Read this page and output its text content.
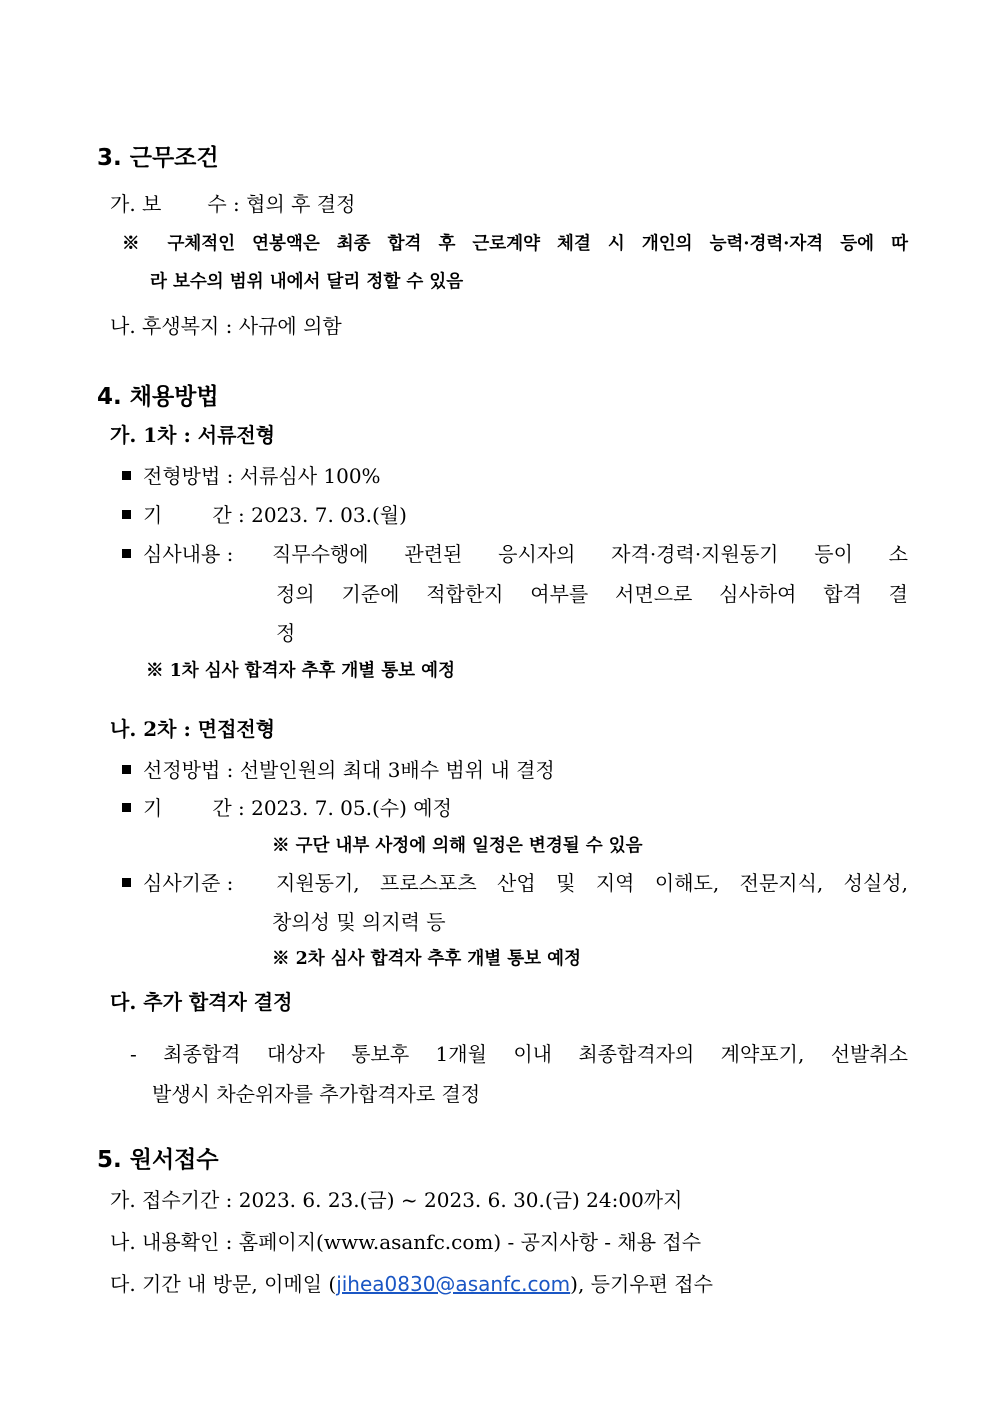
3. 근무조건
가. 보 수 : 협의 후 결정
※ 구체적인 연봉액은 최종 합격 후 근로계약 체결 시 개인의 능력·경력·자격 등에 따
라 보수의 범위 내에서 달리 정할 수 있음
나. 후생복지 : 사규에 의함
4. 채용방법
가. 1차 : 서류전형
전형방법 : 서류심사 100%
기	간 : 2023. 7. 03.(월)
심사내용 : 직무수행에 관련된 응시자의 자격·경력·지원동기 등이 소
정의 기준에 적합한지 여부를 서면으로 심사하여 합격 결
정
※ 1차 심사 합격자 추후 개별 통보 예정
나. 2차 : 면접전형
선정방법 : 선발인원의 최대 3배수 범위 내 결정
기	간 : 2023. 7. 05.(수) 예정
※ 구단 내부 사정에 의해 일정은 변경될 수 있음
심사기준 : 지원동기, 프로스포츠 산업 및 지역 이해도, 전문지식, 성실성,
창의성 및 의지력 등
※ 2차 심사 합격자 추후 개별 통보 예정
다. 추가 합격자 결정
- 최종합격 대상자 통보후 1개월 이내 최종합격자의 계약포기, 선발취소
발생시 차순위자를 추가합격자로 결정
5. 원서접수
가. 접수기간 : 2023. 6. 23.(금) ~ 2023. 6. 30.(금) 24:00까지
나. 내용확인 : 홈페이지(www.asanfc.com) - 공지사항 - 채용 접수
다. 기간 내 방문, 이메일 (jihea0830@asanfc.com), 등기우편 접수
